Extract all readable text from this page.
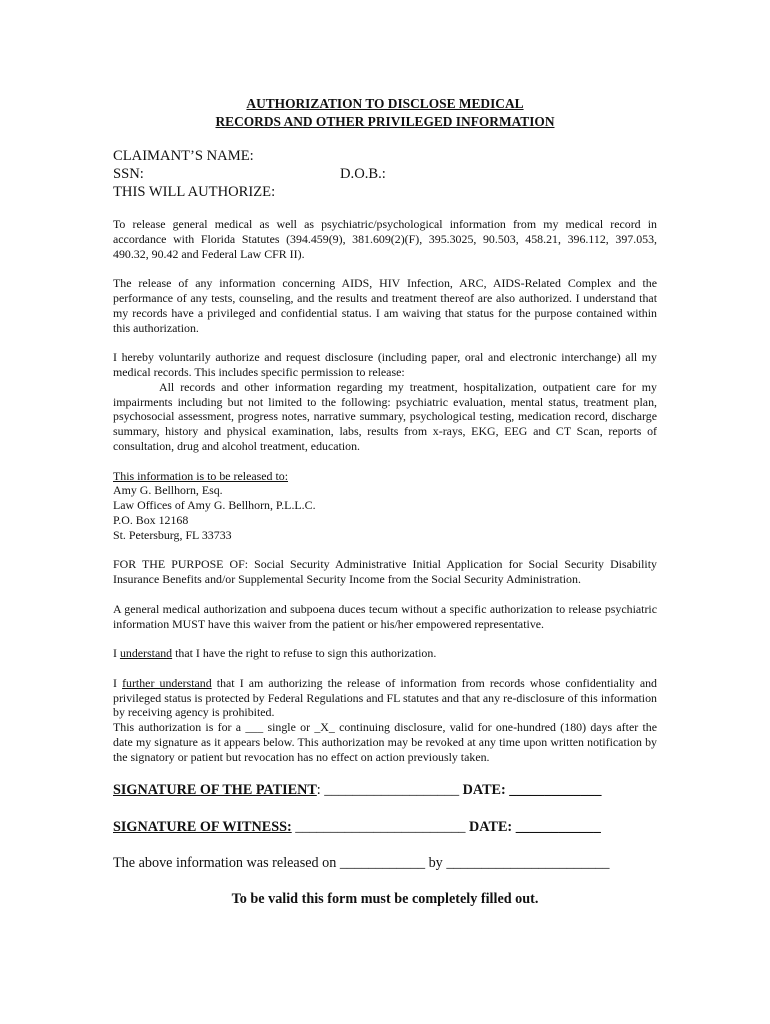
AUTHORIZATION TO DISCLOSE MEDICAL
RECORDS AND OTHER PRIVILEGED INFORMATION
CLAIMANT’S NAME:
SSN:	D.O.B.:
THIS WILL AUTHORIZE:

To release general medical as well as psychiatric/psychological information from my medical record in accordance with Florida Statutes (394.459(9), 381.609(2)(F), 395.3025, 90.503, 458.21, 396.112, 397.053, 490.32, 90.42 and Federal Law CFR II).

The release of any information concerning AIDS, HIV Infection, ARC, AIDS-Related Complex and the performance of any tests, counseling, and the results and treatment thereof are also authorized. I understand that my records have a privileged and confidential status. I am waiving that status for the purpose contained within this authorization.

I hereby voluntarily authorize and request disclosure (including paper, oral and electronic interchange) all my medical records. This includes specific permission to release:

All records and other information regarding my treatment, hospitalization, outpatient care for my impairments including but not limited to the following: psychiatric evaluation, mental status, treatment plan, psychosocial assessment, progress notes, narrative summary, psychological testing, medication record, discharge summary, history and physical examination, labs, results from x-rays, EKG, EEG and CT Scan, reports of consultation, drug and alcohol treatment, education.

This information is to be released to:

Amy G. Bellhorn, Esq.

Law Offices of Amy G. Bellhorn, P.L.L.C.

P.O. Box 12168

St. Petersburg, FL 33733

FOR THE PURPOSE OF: Social Security Administrative Initial Application for Social Security Disability Insurance Benefits and/or Supplemental Security Income from the Social Security Administration.

A general medical authorization and subpoena duces tecum without a specific authorization to release psychiatric information MUST have this waiver from the patient or his/her empowered representative.

I understand that I have the right to refuse to sign this authorization.

I further understand that I am authorizing the release of information from records whose confidentiality and privileged status is protected by Federal Regulations and FL statutes and that any re-disclosure of this information by receiving agency is prohibited.

This authorization is for a ___ single or _X_ continuing disclosure, valid for one-hundred (180) days after the date my signature as it appears below. This authorization may be revoked at any time upon written notification by the signatory or patient but revocation has no effect on action previously taken.

SIGNATURE OF THE PATIENT: ___________________ DATE: _____________
SIGNATURE OF WITNESS: ________________________ DATE: ____________
The above information was released on ____________ by _______________________
To be valid this form must be completely filled out.
